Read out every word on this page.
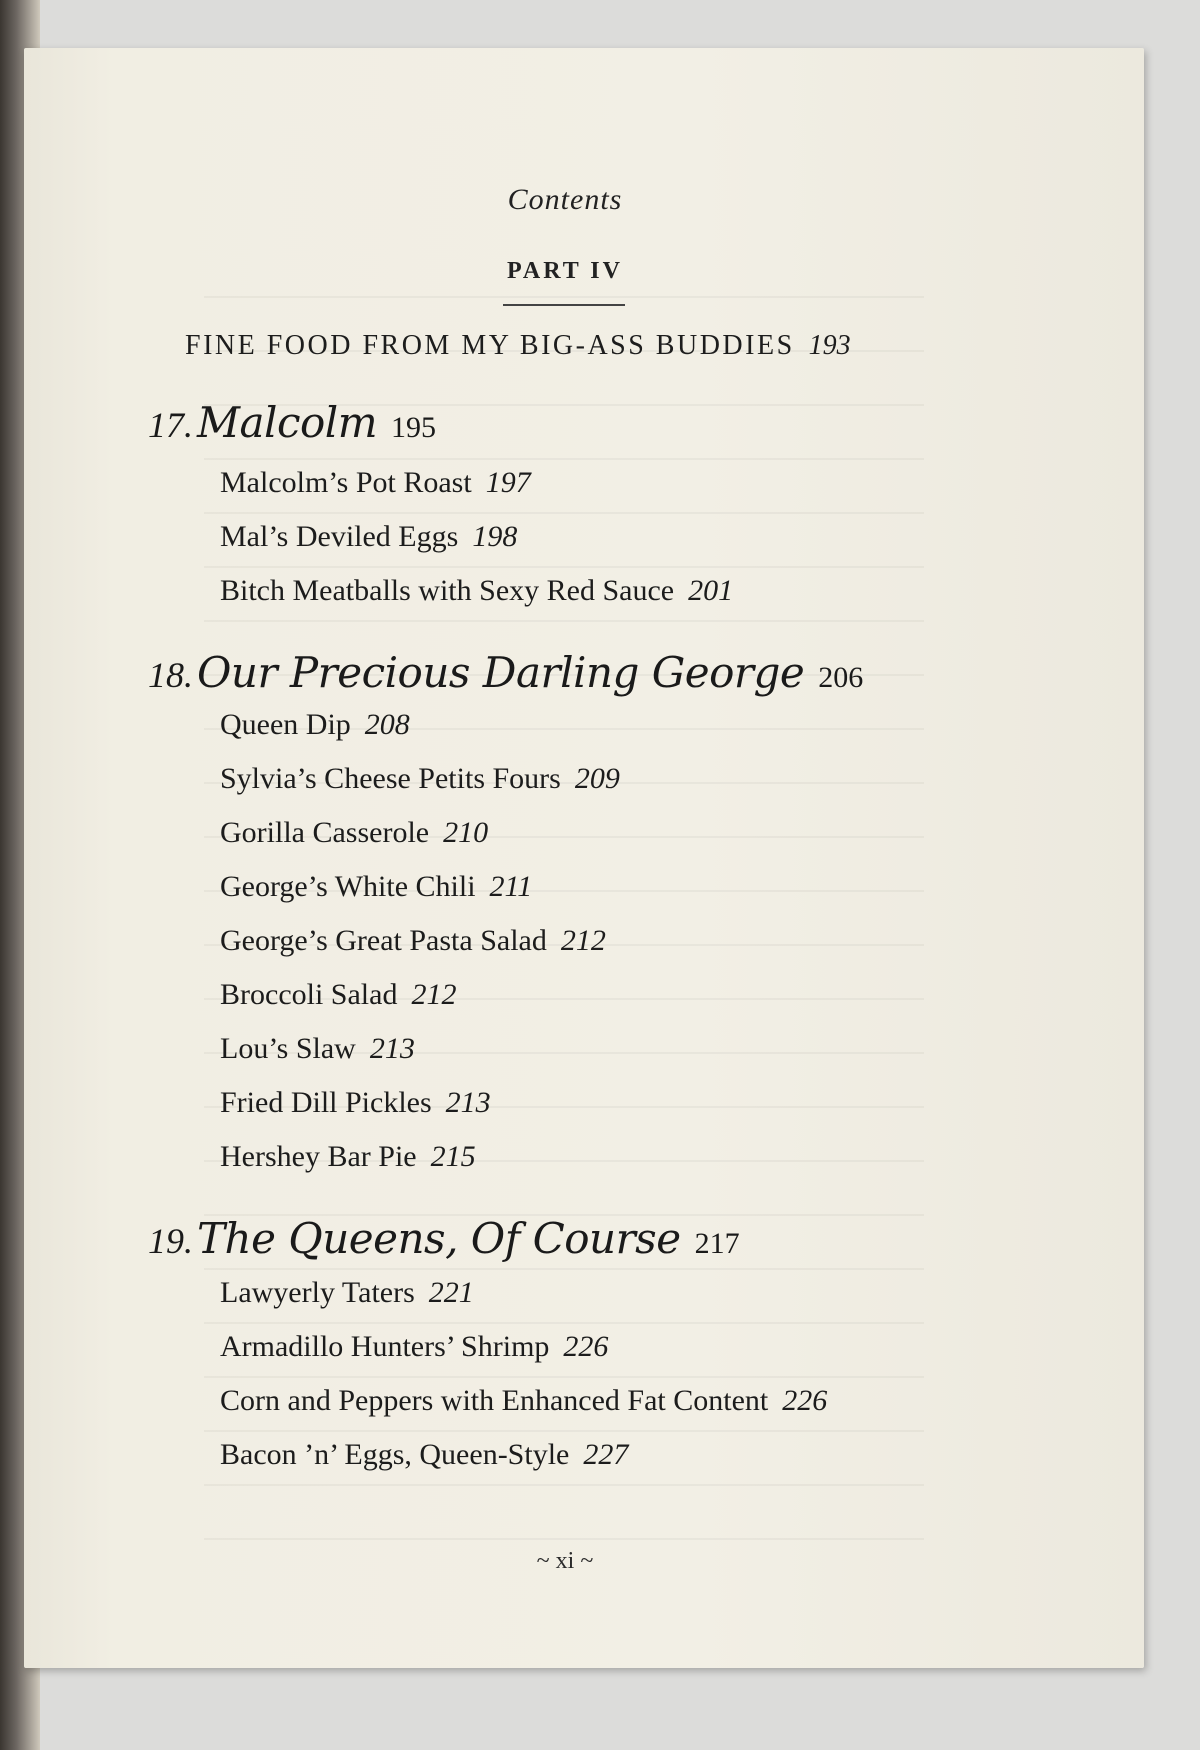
Contents
PART IV
FINE FOOD FROM MY BIG-ASS BUDDIES 193
17. Malcolm 195
Malcolm’s Pot Roast 197
Mal’s Deviled Eggs 198
Bitch Meatballs with Sexy Red Sauce 201
18. Our Precious Darling George 206
Queen Dip 208
Sylvia’s Cheese Petits Fours 209
Gorilla Casserole 210
George’s White Chili 211
George’s Great Pasta Salad 212
Broccoli Salad 212
Lou’s Slaw 213
Fried Dill Pickles 213
Hershey Bar Pie 215
19. The Queens, Of Course 217
Lawyerly Taters 221
Armadillo Hunters’ Shrimp 226
Corn and Peppers with Enhanced Fat Content 226
Bacon ’n’ Eggs, Queen-Style 227
~ xi ~
